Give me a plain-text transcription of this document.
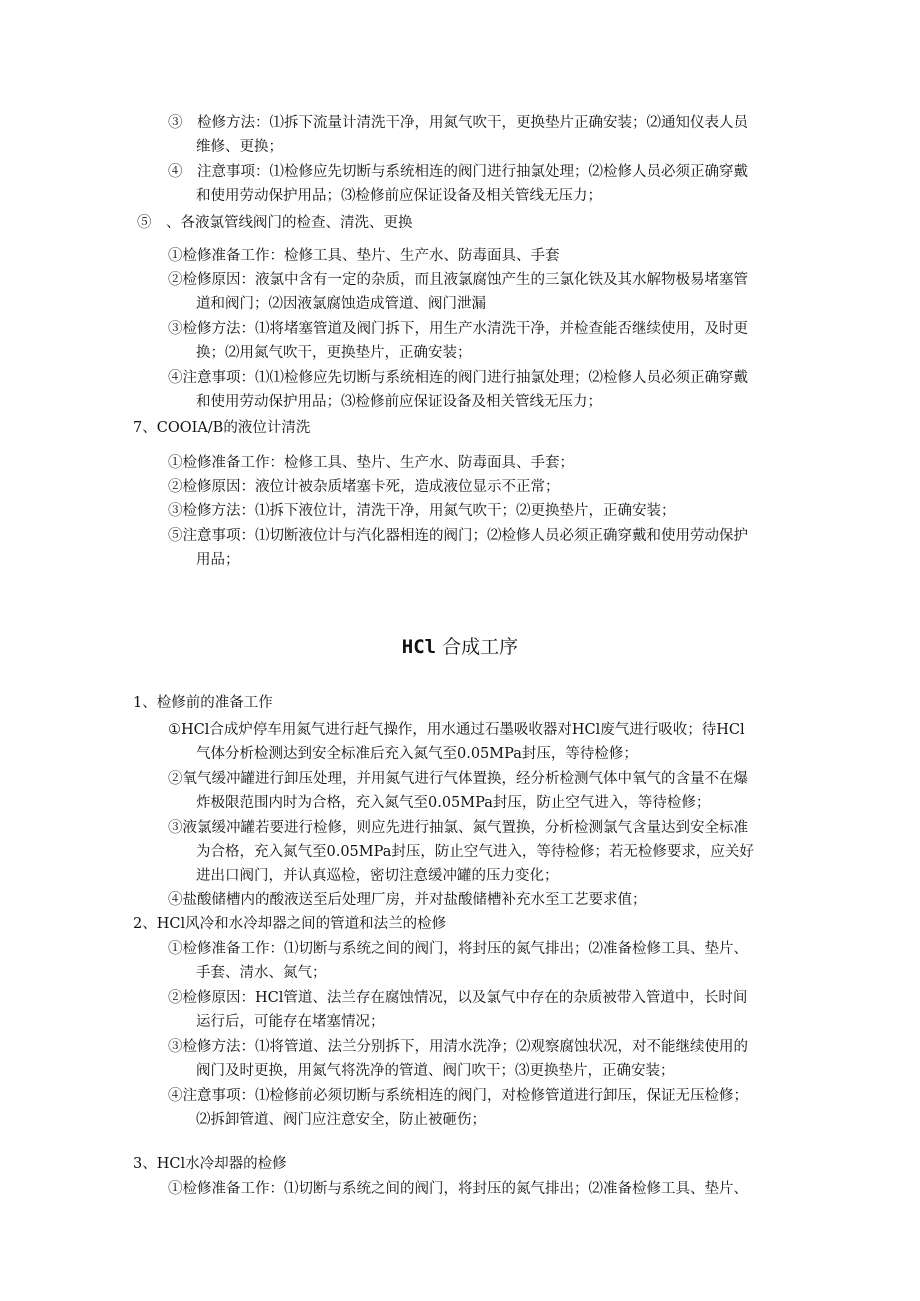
③　检修方法：⑴拆下流量计清洗干净，用氮气吹干，更换垫片正确安装；⑵通知仪表人员

维修、更换；

④　注意事项：⑴检修应先切断与系统相连的阀门进行抽氯处理；⑵检修人员必须正确穿戴

和使用劳动保护用品；⑶检修前应保证设备及相关管线无压力；

⑤　、各液氯管线阀门的检查、清洗、更换

①检修准备工作：检修工具、垫片、生产水、防毒面具、手套

②检修原因：液氯中含有一定的杂质，而且液氯腐蚀产生的三氯化铁及其水解物极易堵塞管

道和阀门；⑵因液氯腐蚀造成管道、阀门泄漏

③检修方法：⑴将堵塞管道及阀门拆下，用生产水清洗干净，并检查能否继续使用，及时更

换；⑵用氮气吹干，更换垫片，正确安装；

④注意事项：⑴⑴检修应先切断与系统相连的阀门进行抽氯处理；⑵检修人员必须正确穿戴

和使用劳动保护用品；⑶检修前应保证设备及相关管线无压力；

7、COOIA/B的液位计清洗

①检修准备工作：检修工具、垫片、生产水、防毒面具、手套；

②检修原因：液位计被杂质堵塞卡死，造成液位显示不正常；

③检修方法：⑴拆下液位计，清洗干净，用氮气吹干；⑵更换垫片，正确安装；

⑤注意事项：⑴切断液位计与汽化器相连的阀门；⑵检修人员必须正确穿戴和使用劳动保护

用品；

HCl 合成工序

1、检修前的准备工作

①HCl合成炉停车用氮气进行赶气操作，用水通过石墨吸收器对HCl废气进行吸收；待HCl

气体分析检测达到安全标准后充入氮气至0.05MPa封压，等待检修；

②氧气缓冲罐进行卸压处理，并用氮气进行气体置换，经分析检测气体中氧气的含量不在爆

炸极限范围内时为合格，充入氮气至0.05MPa封压，防止空气进入，等待检修；

③液氯缓冲罐若要进行检修，则应先进行抽氯、氮气置换，分析检测氯气含量达到安全标准

为合格，充入氮气至0.05MPa封压，防止空气进入，等待检修；若无检修要求，应关好

进出口阀门，并认真巡检，密切注意缓冲罐的压力变化；

④盐酸储槽内的酸液送至后处理厂房，并对盐酸储槽补充水至工艺要求值；

2、HCl风冷和水冷却器之间的管道和法兰的检修

①检修准备工作：⑴切断与系统之间的阀门，将封压的氮气排出；⑵准备检修工具、垫片、

手套、清水、氮气；

②检修原因：HCl管道、法兰存在腐蚀情况，以及氯气中存在的杂质被带入管道中，长时间

运行后，可能存在堵塞情况；

③检修方法：⑴将管道、法兰分别拆下，用清水洗净；⑵观察腐蚀状况，对不能继续使用的

阀门及时更换，用氮气将洗净的管道、阀门吹干；⑶更换垫片，正确安装；

④注意事项：⑴检修前必须切断与系统相连的阀门，对检修管道进行卸压，保证无压检修；

⑵拆卸管道、阀门应注意安全，防止被砸伤；

3、HCl水冷却器的检修

①检修准备工作：⑴切断与系统之间的阀门，将封压的氮气排出；⑵准备检修工具、垫片、
